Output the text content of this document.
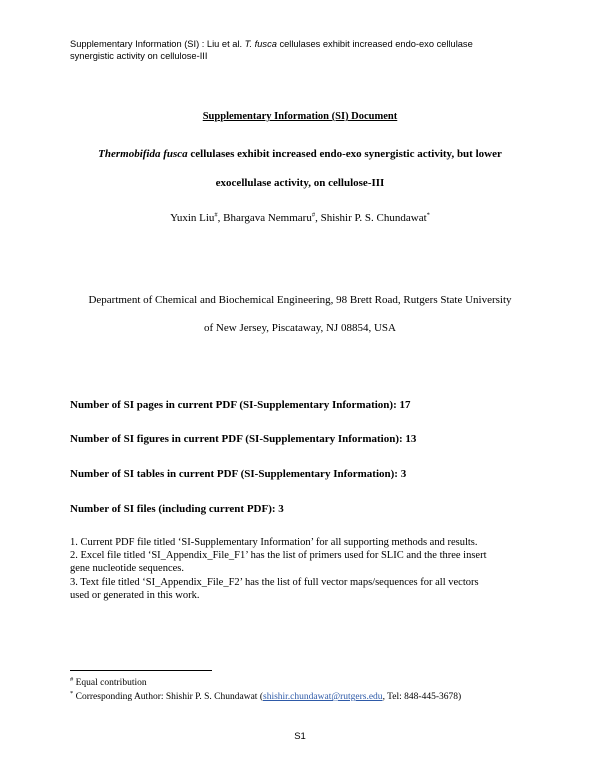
Supplementary Information (SI) : Liu et al. T. fusca cellulases exhibit increased endo-exo cellulase
synergistic activity on cellulose-III
Supplementary Information (SI) Document
Thermobifida fusca cellulases exhibit increased endo-exo synergistic activity, but lower
exocellulase activity, on cellulose-III
Yuxin Liu#, Bhargava Nemmaru#, Shishir P. S. Chundawat*
Department of Chemical and Biochemical Engineering, 98 Brett Road, Rutgers State University
of New Jersey, Piscataway, NJ 08854, USA
Number of SI pages in current PDF (SI-Supplementary Information): 17
Number of SI figures in current PDF (SI-Supplementary Information): 13
Number of SI tables in current PDF (SI-Supplementary Information): 3
Number of SI files (including current PDF): 3
1. Current PDF file titled ‘SI-Supplementary Information’ for all supporting methods and results.
2. Excel file titled ‘SI_Appendix_File_F1’ has the list of primers used for SLIC and the three insert
gene nucleotide sequences.
3. Text file titled ‘SI_Appendix_File_F2’ has the list of full vector maps/sequences for all vectors
used or generated in this work.
# Equal contribution
* Corresponding Author: Shishir P. S. Chundawat (shishir.chundawat@rutgers.edu, Tel: 848-445-3678)
S1
